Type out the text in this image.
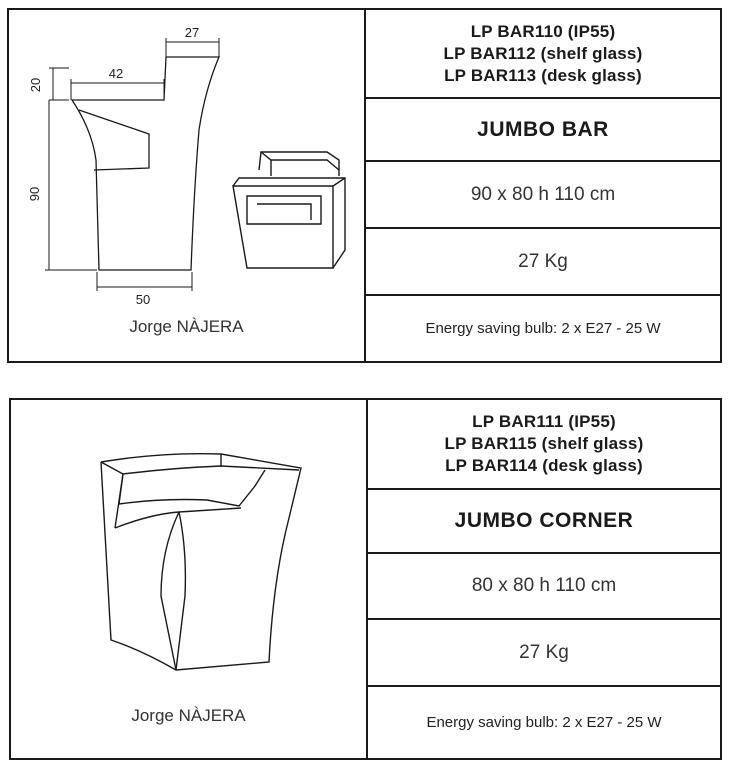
27
42
20
90
50
Jorge NÀJERA
LP BAR110 (IP55)
LP BAR112 (shelf glass)
LP BAR113 (desk glass)
JUMBO BAR
90 x 80 h 110 cm
27 Kg
Energy saving bulb: 2 x E27 - 25 W
Jorge NÀJERA
LP BAR111 (IP55)
LP BAR115 (shelf glass)
LP BAR114 (desk glass)
JUMBO CORNER
80 x 80 h 110 cm
27 Kg
Energy saving bulb: 2 x E27 - 25 W
